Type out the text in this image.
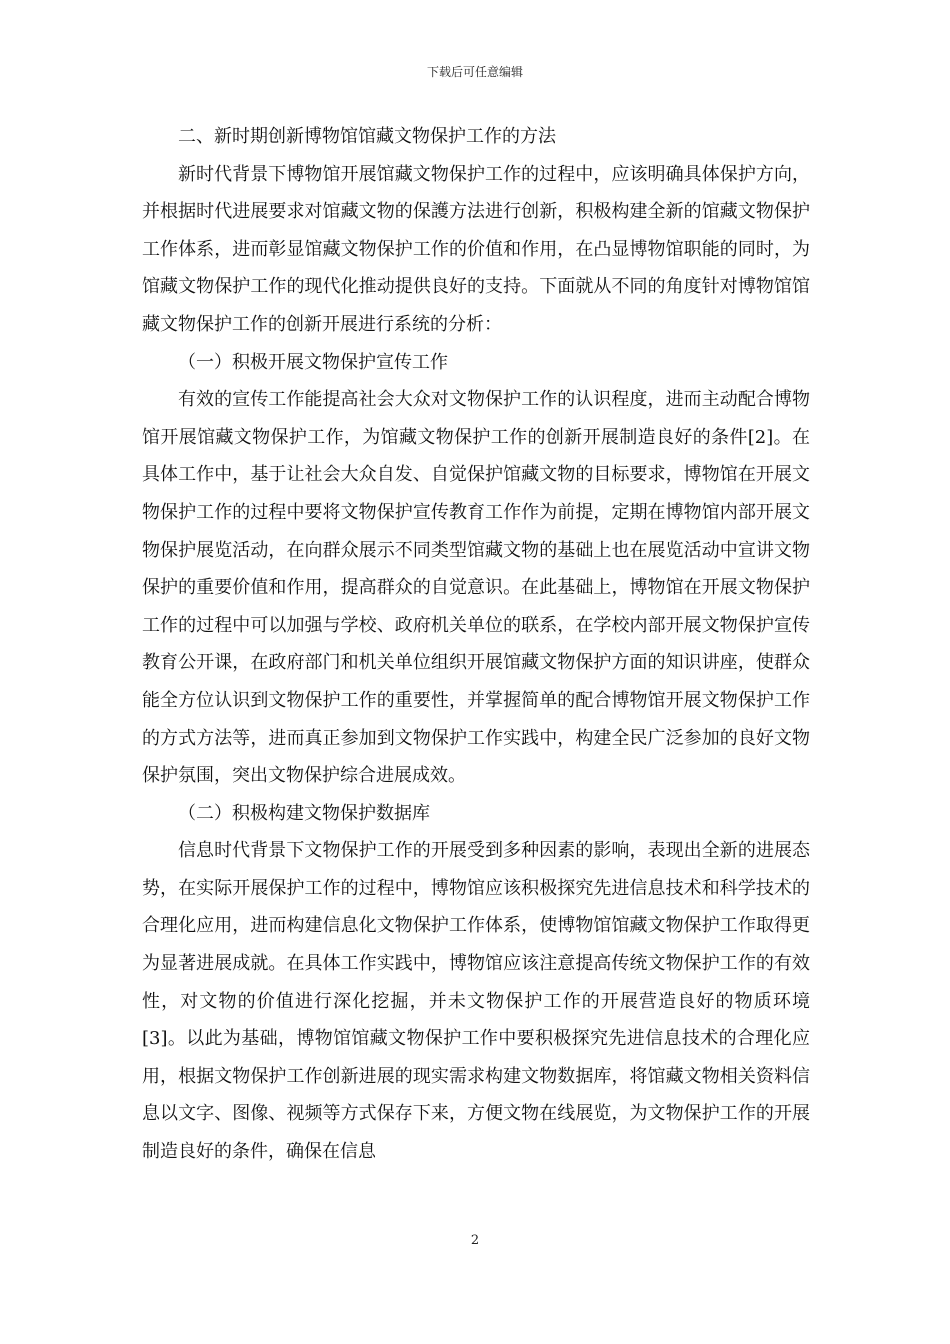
下载后可任意编辑

二、新时期创新博物馆馆藏文物保护工作的方法

新时代背景下博物馆开展馆藏文物保护工作的过程中，应该明确具体保护方向，并根据时代进展要求对馆藏文物的保護方法进行创新，积极构建全新的馆藏文物保护工作体系，进而彰显馆藏文物保护工作的价值和作用，在凸显博物馆职能的同时，为馆藏文物保护工作的现代化推动提供良好的支持。下面就从不同的角度针对博物馆馆藏文物保护工作的创新开展进行系统的分析：

（一）积极开展文物保护宣传工作

有效的宣传工作能提高社会大众对文物保护工作的认识程度，进而主动配合博物馆开展馆藏文物保护工作，为馆藏文物保护工作的创新开展制造良好的条件[2]。在具体工作中，基于让社会大众自发、自觉保护馆藏文物的目标要求，博物馆在开展文物保护工作的过程中要将文物保护宣传教育工作作为前提，定期在博物馆内部开展文物保护展览活动，在向群众展示不同类型馆藏文物的基础上也在展览活动中宣讲文物保护的重要价值和作用，提高群众的自觉意识。在此基础上，博物馆在开展文物保护工作的过程中可以加强与学校、政府机关单位的联系，在学校内部开展文物保护宣传教育公开课，在政府部门和机关单位组织开展馆藏文物保护方面的知识讲座，使群众能全方位认识到文物保护工作的重要性，并掌握简单的配合博物馆开展文物保护工作的方式方法等，进而真正参加到文物保护工作实践中，构建全民广泛参加的良好文物保护氛围，突出文物保护综合进展成效。

（二）积极构建文物保护数据库

信息时代背景下文物保护工作的开展受到多种因素的影响，表现出全新的进展态势，在实际开展保护工作的过程中，博物馆应该积极探究先进信息技术和科学技术的合理化应用，进而构建信息化文物保护工作体系，使博物馆馆藏文物保护工作取得更为显著进展成就。在具体工作实践中，博物馆应该注意提高传统文物保护工作的有效性，对文物的价值进行深化挖掘，并未文物保护工作的开展营造良好的物质环境[3]。以此为基础，博物馆馆藏文物保护工作中要积极探究先进信息技术的合理化应用，根据文物保护工作创新进展的现实需求构建文物数据库，将馆藏文物相关资料信息以文字、图像、视频等方式保存下来，方便文物在线展览，为文物保护工作的开展制造良好的条件，确保在信息

2
